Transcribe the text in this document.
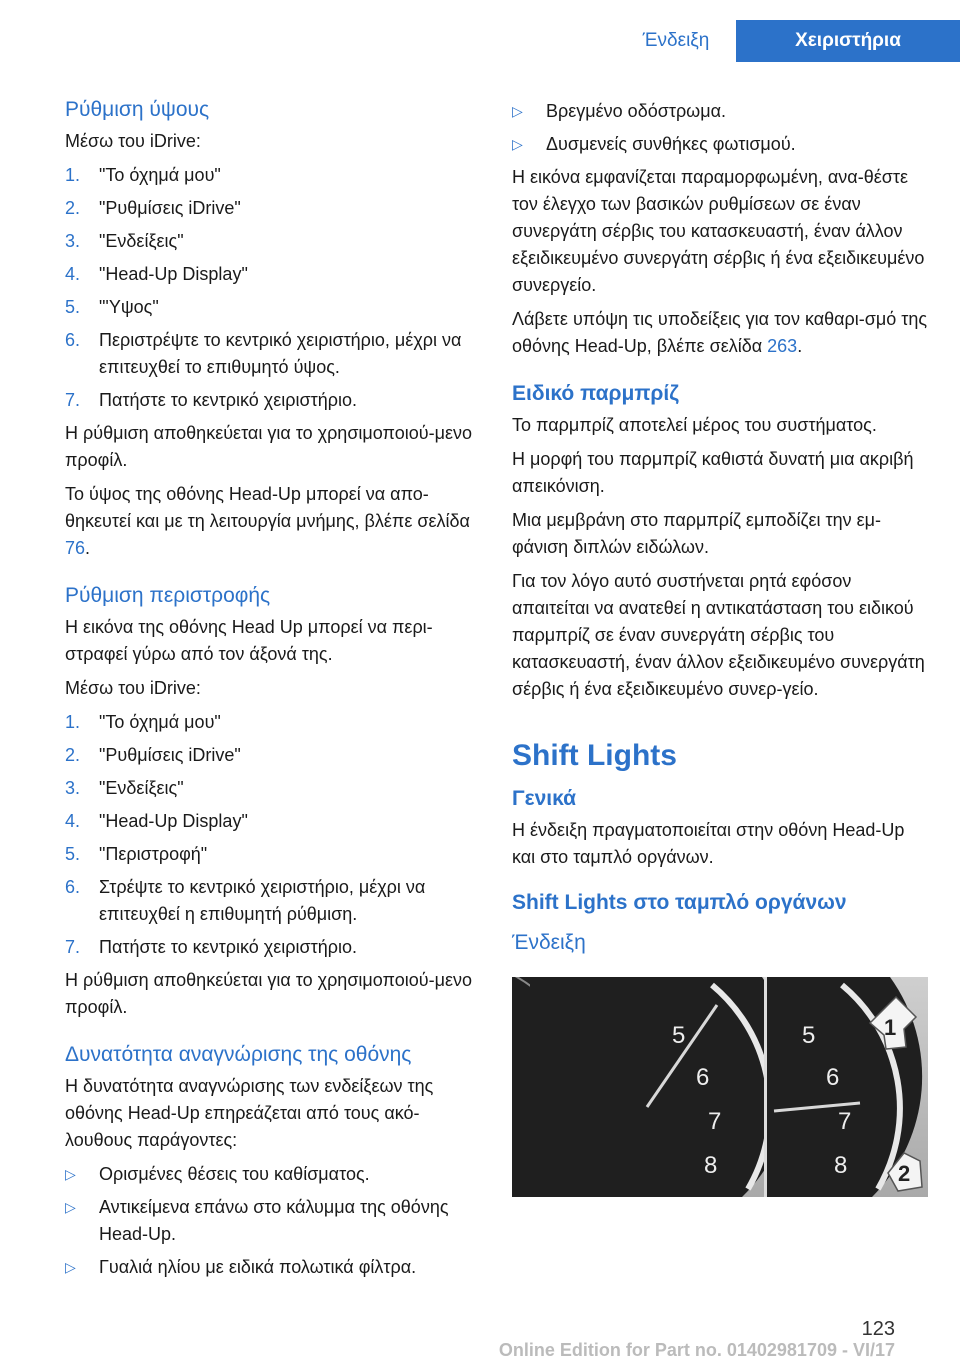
Ένδειξη	Χειριστήρια
Ρύθμιση ύψους

Μέσω του iDrive:

1.	"Το όχημά μου"
2.	"Ρυθμίσεις iDrive"
3.	"Ενδείξεις"
4.	"Head-Up Display"
5.	"'Υψος"
6.	Περιστρέψτε το κεντρικό χειριστήριο, μέχρι να επιτευχθεί το επιθυμητό ύψος.
7.	Πατήστε το κεντρικό χειριστήριο.

Η ρύθμιση αποθηκεύεται για το χρησιμοποιού‐μενο προφίλ.

Το ύψος της οθόνης Head-Up μπορεί να απο‐θηκευτεί και με τη λειτουργία μνήμης, βλέπε σελίδα 76.

Ρύθμιση περιστροφής

Η εικόνα της οθόνης Head Up μπορεί να περι‐στραφεί γύρω από τον άξονά της.

Μέσω του iDrive:

1.	"Το όχημά μου"
2.	"Ρυθμίσεις iDrive"
3.	"Ενδείξεις"
4.	"Head-Up Display"
5.	"Περιστροφή"
6.	Στρέψτε το κεντρικό χειριστήριο, μέχρι να επιτευχθεί η επιθυμητή ρύθμιση.
7.	Πατήστε το κεντρικό χειριστήριο.

Η ρύθμιση αποθηκεύεται για το χρησιμοποιού‐μενο προφίλ.

Δυνατότητα αναγνώρισης της οθόνης

Η δυνατότητα αναγνώρισης των ενδείξεων της οθόνης Head-Up επηρεάζεται από τους ακό‐λουθους παράγοντες:

▷	Ορισμένες θέσεις του καθίσματος.
▷	Αντικείμενα επάνω στο κάλυμμα της οθόνης Head-Up.
▷	Γυαλιά ηλίου με ειδικά πολωτικά φίλτρα.
▷	Βρεγμένο οδόστρωμα.
▷	Δυσμενείς συνθήκες φωτισμού.

Η εικόνα εμφανίζεται παραμορφωμένη, ανα‐θέστε τον έλεγχο των βασικών ρυθμίσεων σε έναν συνεργάτη σέρβις του κατασκευαστή, έναν άλλον εξειδικευμένο συνεργάτη σέρβις ή ένα εξειδικευμένο συνεργείο.

Λάβετε υπόψη τις υποδείξεις για τον καθαρι‐σμό της οθόνης Head-Up, βλέπε σελίδα 263.

Ειδικό παρμπρίζ

Το παρμπρίζ αποτελεί μέρος του συστήματος.

Η μορφή του παρμπρίζ καθιστά δυνατή μια ακριβή απεικόνιση.

Μια μεμβράνη στο παρμπρίζ εμποδίζει την εμ‐φάνιση διπλών ειδώλων.

Για τον λόγο αυτό συστήνεται ρητά εφόσον απαιτείται να ανατεθεί η αντικατάσταση του ειδικού παρμπρίζ σε έναν συνεργάτη σέρβις του κατασκευαστή, έναν άλλον εξειδικευμένο συνεργάτη σέρβις ή ένα εξειδικευμένο συνερ‐γείο.

Shift Lights
Γενικά

Η ένδειξη πραγματοποιείται στην οθόνη Head-Up και στο ταμπλό οργάνων.

Shift Lights στο ταμπλό οργάνων
Ένδειξη
5
6
7
8
5
6
7
8
1
2
123
Online Edition for Part no. 01402981709 - VI/17
